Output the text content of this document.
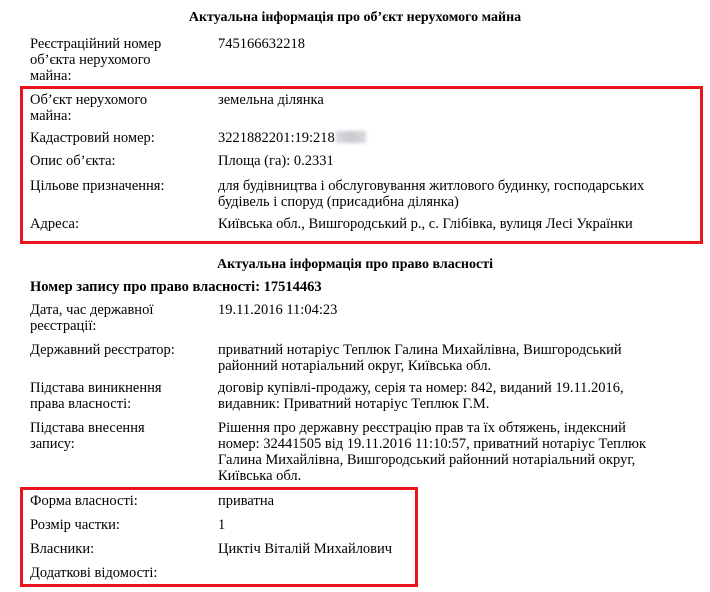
Актуальна інформація про об’єкт нерухомого майна
Реєстраційний номер
об’єкта нерухомого
майна:
745166632218
Об’єкт нерухомого
майна:
земельна ділянка
Кадастровий номер:	3221882201:19:218
Опис об’єкта:	Площа (га): 0.2331
Цільове призначення:	для будівництва і обслуговування житлового будинку, господарських
будівель і споруд (присадибна ділянка)
Адреса:	Київська обл., Вишгородський р., с. Глібівка, вулиця Лесі Українки
Актуальна інформація про право власності
Номер запису про право власності: 17514463
Дата, час державної
реєстрації:
19.11.2016 11:04:23
Державний реєстратор:	приватний нотаріус Теплюк Галина Михайлівна, Вишгородський
районний нотаріальний округ, Київська обл.
Підстава виникнення
права власності:
договір купівлі-продажу, серія та номер: 842, виданий 19.11.2016,
видавник: Приватний нотаріус Теплюк Г.М.
Підстава внесення
запису:
Рішення про державну реєстрацію прав та їх обтяжень, індексний
номер: 32441505 від 19.11.2016 11:10:57, приватний нотаріус Теплюк
Галина Михайлівна, Вишгородський районний нотаріальний округ,
Київська обл.
Форма власності:	приватна
Розмір частки:	1
Власники:	Циктіч Віталій Михайлович
Додаткові відомості:
